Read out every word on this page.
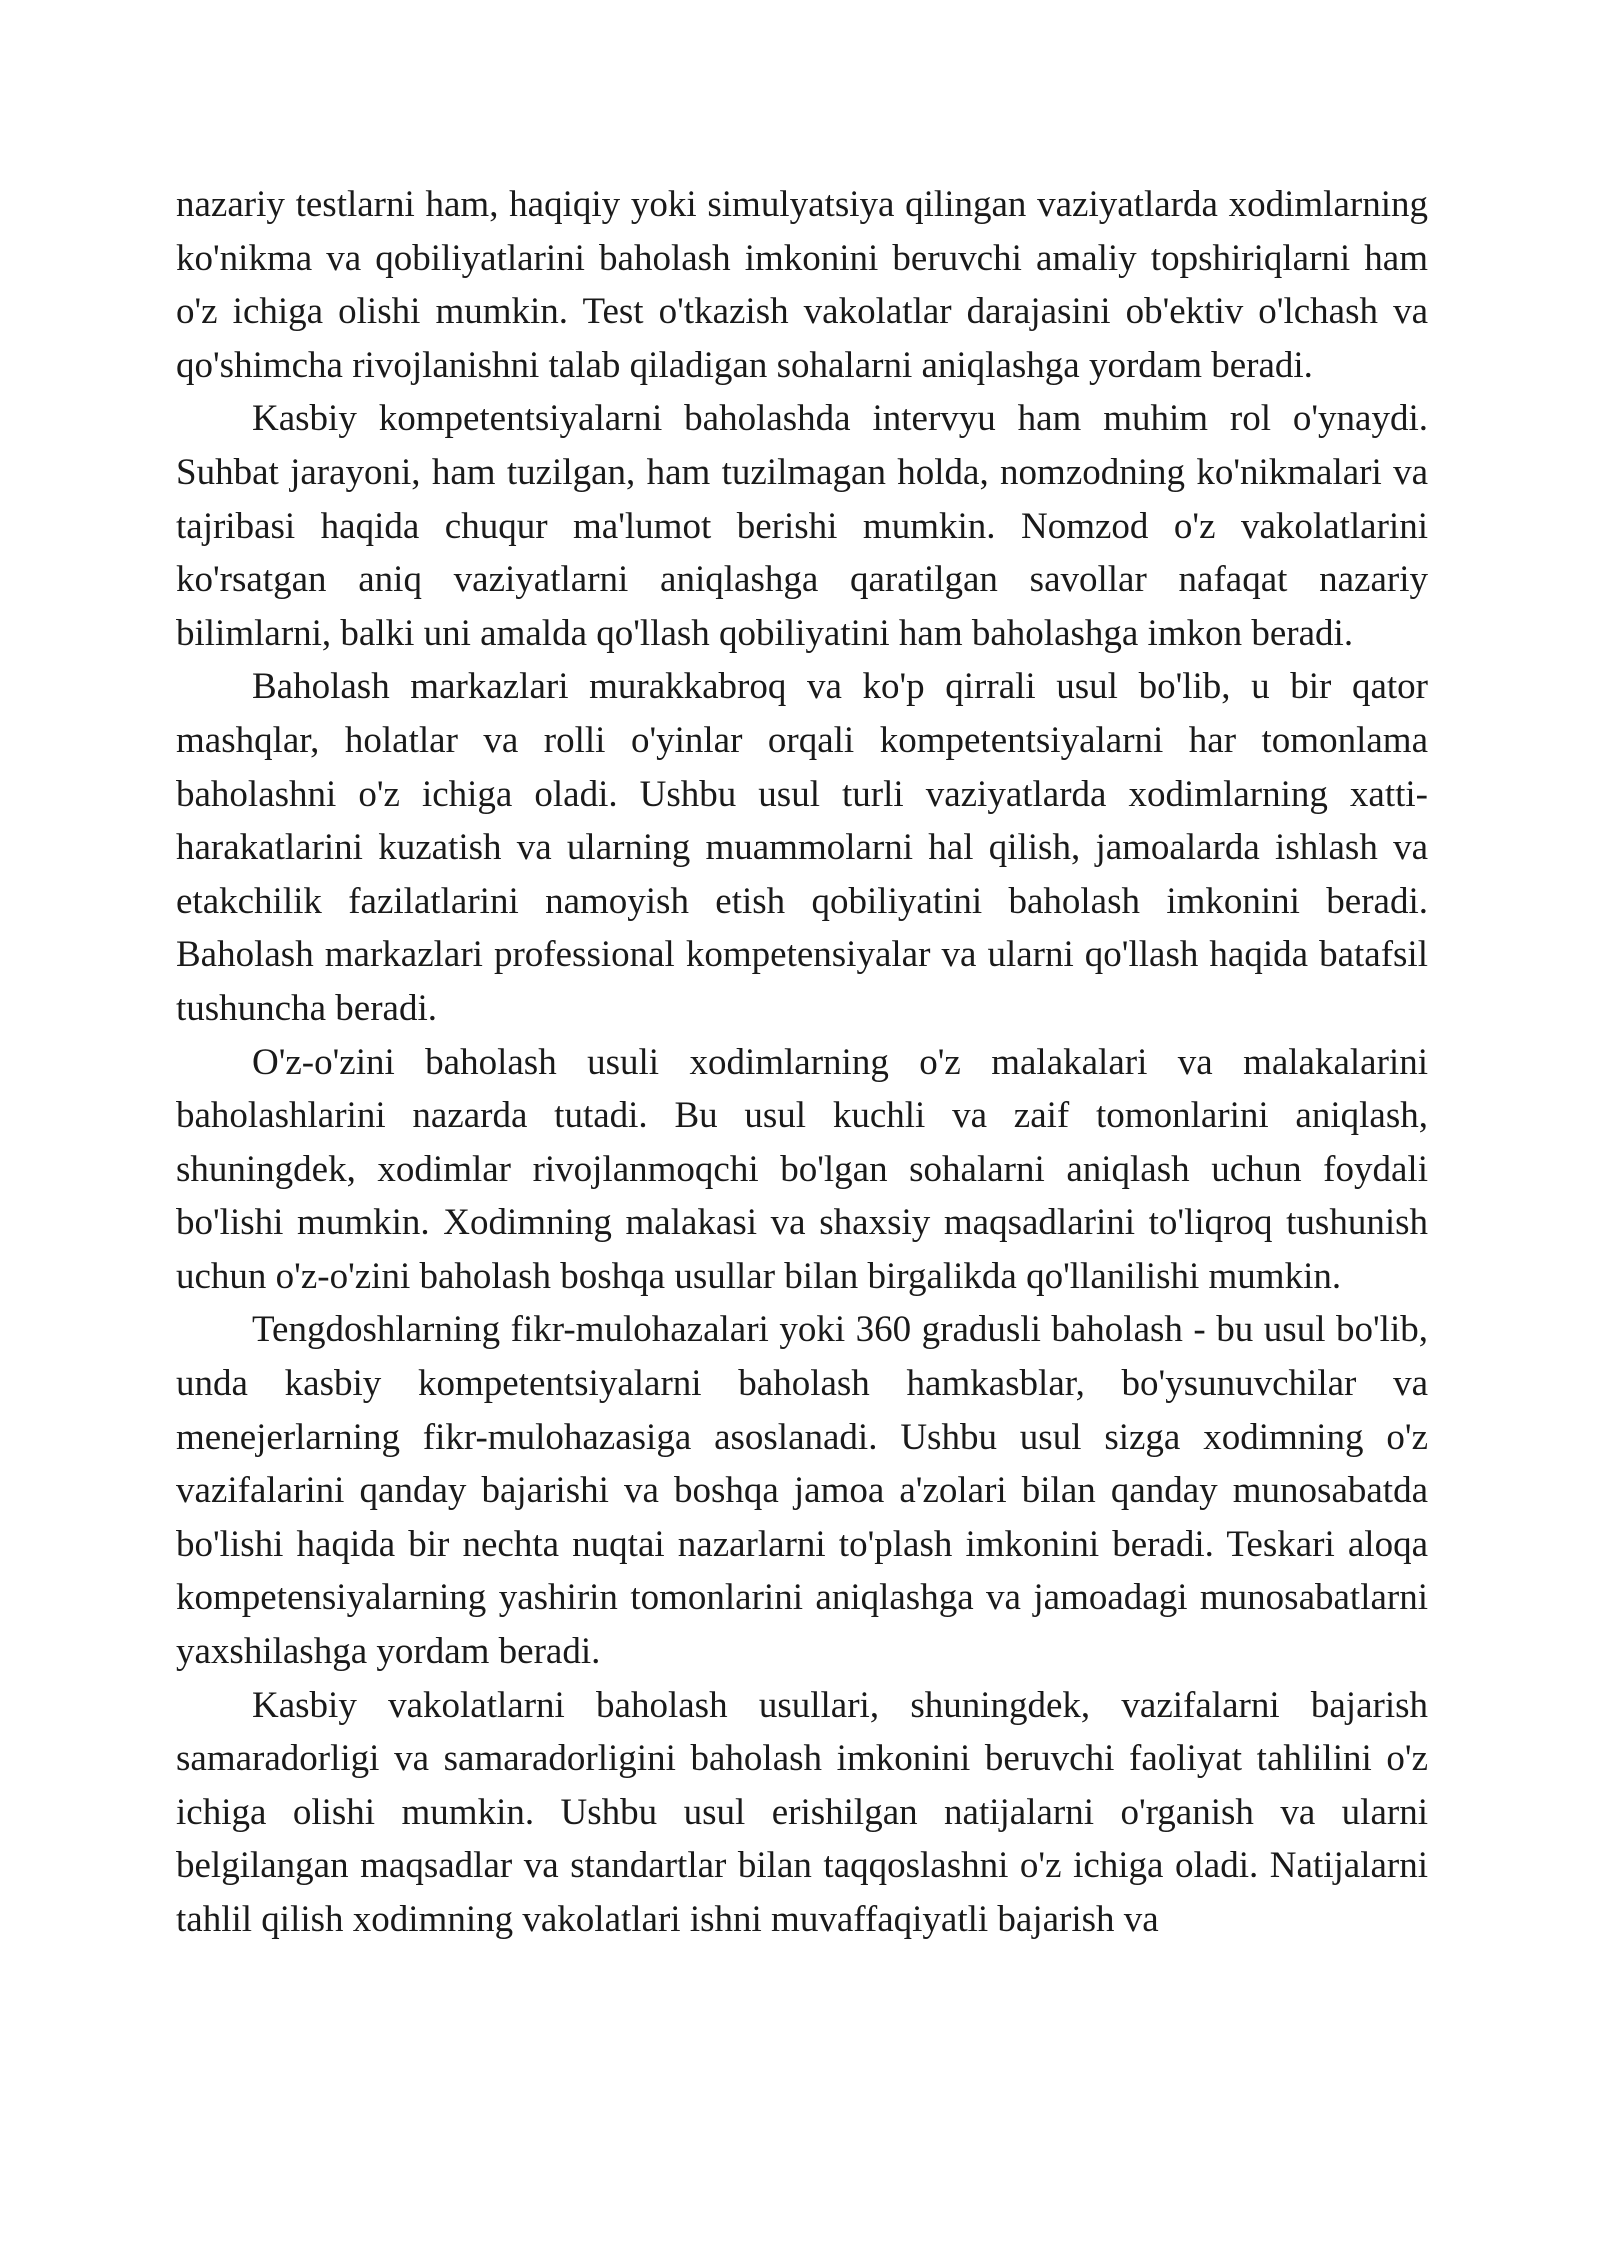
nazariy testlarni ham, haqiqiy yoki simulyatsiya qilingan vaziyatlarda xodimlarning ko'nikma va qobiliyatlarini baholash imkonini beruvchi amaliy topshiriqlarni ham o'z ichiga olishi mumkin. Test o'tkazish vakolatlar darajasini ob'ektiv o'lchash va qo'shimcha rivojlanishni talab qiladigan sohalarni aniqlashga yordam beradi.

Kasbiy kompetentsiyalarni baholashda intervyu ham muhim rol o'ynaydi. Suhbat jarayoni, ham tuzilgan, ham tuzilmagan holda, nomzodning ko'nikmalari va tajribasi haqida chuqur ma'lumot berishi mumkin. Nomzod o'z vakolatlarini ko'rsatgan aniq vaziyatlarni aniqlashga qaratilgan savollar nafaqat nazariy bilimlarni, balki uni amalda qo'llash qobiliyatini ham baholashga imkon beradi.

Baholash markazlari murakkabroq va ko'p qirrali usul bo'lib, u bir qator mashqlar, holatlar va rolli o'yinlar orqali kompetentsiyalarni har tomonlama baholashni o'z ichiga oladi. Ushbu usul turli vaziyatlarda xodimlarning xatti-harakatlarini kuzatish va ularning muammolarni hal qilish, jamoalarda ishlash va etakchilik fazilatlarini namoyish etish qobiliyatini baholash imkonini beradi. Baholash markazlari professional kompetensiyalar va ularni qo'llash haqida batafsil tushuncha beradi.

O'z-o'zini baholash usuli xodimlarning o'z malakalari va malakalarini baholashlarini nazarda tutadi. Bu usul kuchli va zaif tomonlarini aniqlash, shuningdek, xodimlar rivojlanmoqchi bo'lgan sohalarni aniqlash uchun foydali bo'lishi mumkin. Xodimning malakasi va shaxsiy maqsadlarini to'liqroq tushunish uchun o'z-o'zini baholash boshqa usullar bilan birgalikda qo'llanilishi mumkin.

Tengdoshlarning fikr-mulohazalari yoki 360 gradusli baholash - bu usul bo'lib, unda kasbiy kompetentsiyalarni baholash hamkasblar, bo'ysunuvchilar va menejerlarning fikr-mulohazasiga asoslanadi. Ushbu usul sizga xodimning o'z vazifalarini qanday bajarishi va boshqa jamoa a'zolari bilan qanday munosabatda bo'lishi haqida bir nechta nuqtai nazarlarni to'plash imkonini beradi. Teskari aloqa kompetensiyalarning yashirin tomonlarini aniqlashga va jamoadagi munosabatlarni yaxshilashga yordam beradi.

Kasbiy vakolatlarni baholash usullari, shuningdek, vazifalarni bajarish samaradorligi va samaradorligini baholash imkonini beruvchi faoliyat tahlilini o'z ichiga olishi mumkin. Ushbu usul erishilgan natijalarni o'rganish va ularni belgilangan maqsadlar va standartlar bilan taqqoslashni o'z ichiga oladi. Natijalarni tahlil qilish xodimning vakolatlari ishni muvaffaqiyatli bajarish va
